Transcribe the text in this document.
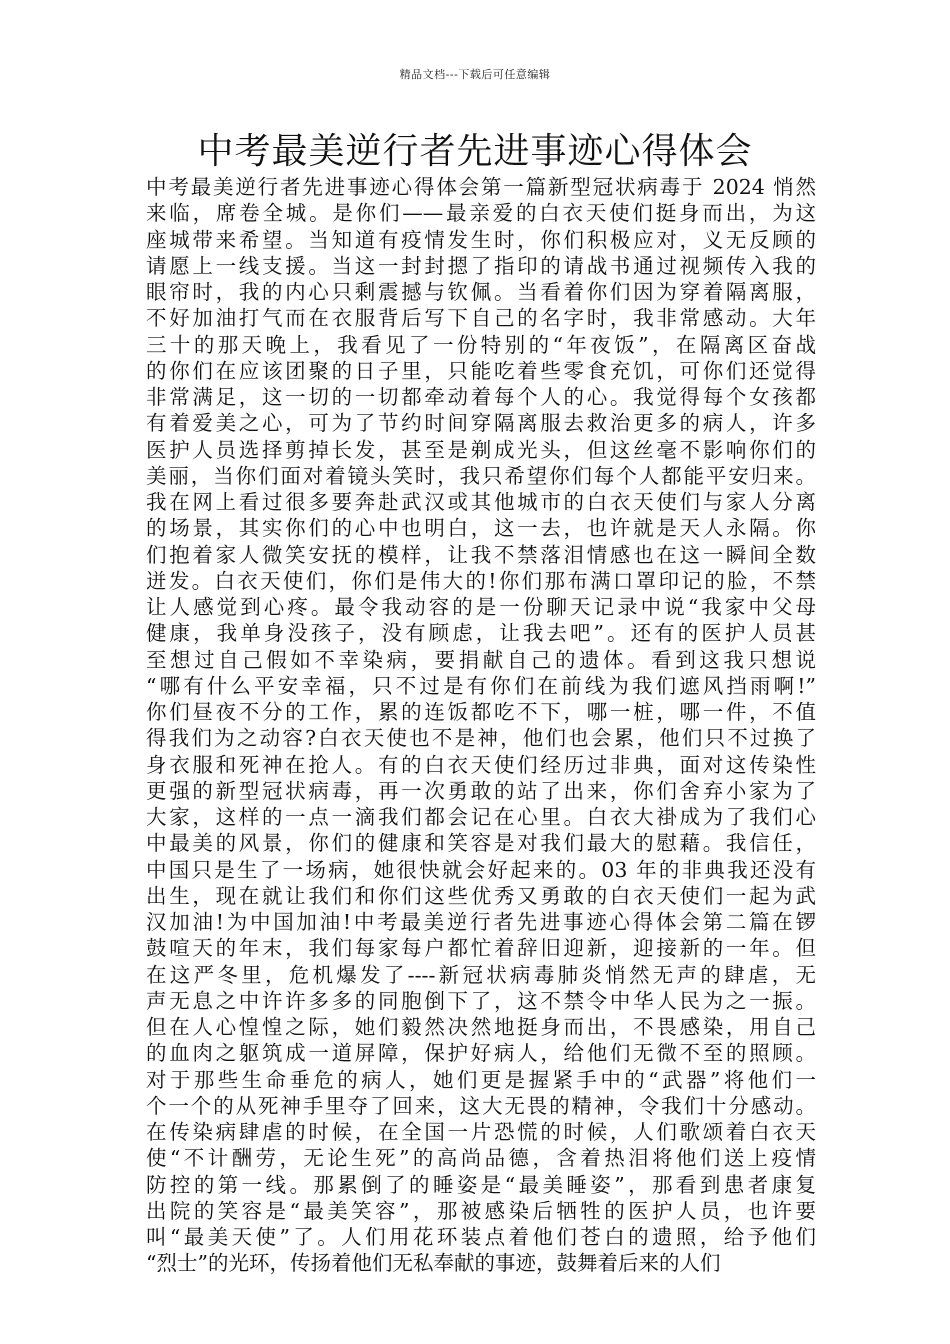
精品文档---下载后可任意编辑
中考最美逆行者先进事迹心得体会
中考最美逆行者先进事迹心得体会第一篇新型冠状病毒于 2024 悄然
来临，席卷全城。是你们——最亲爱的白衣天使们挺身而出，为这
座城带来希望。当知道有疫情发生时，你们积极应对，义无反顾的
请愿上一线支援。当这一封封摁了指印的请战书通过视频传入我的
眼帘时，我的内心只剩震撼与钦佩。当看着你们因为穿着隔离服，
不好加油打气而在衣服背后写下自己的名字时，我非常感动。大年
三十的那天晚上，我看见了一份特别的“年夜饭”，在隔离区奋战
的你们在应该团聚的日子里，只能吃着些零食充饥，可你们还觉得
非常满足，这一切的一切都牵动着每个人的心。我觉得每个女孩都
有着爱美之心，可为了节约时间穿隔离服去救治更多的病人，许多
医护人员选择剪掉长发，甚至是剃成光头，但这丝毫不影响你们的
美丽，当你们面对着镜头笑时，我只希望你们每个人都能平安归来。
我在网上看过很多要奔赴武汉或其他城市的白衣天使们与家人分离
的场景，其实你们的心中也明白，这一去，也许就是天人永隔。你
们抱着家人微笑安抚的模样，让我不禁落泪情感也在这一瞬间全数
迸发。白衣天使们，你们是伟大的!你们那布满口罩印记的脸，不禁
让人感觉到心疼。最令我动容的是一份聊天记录中说“我家中父母
健康，我单身没孩子，没有顾虑，让我去吧”。还有的医护人员甚
至想过自己假如不幸染病，要捐献自己的遗体。看到这我只想说
“哪有什么平安幸福，只不过是有你们在前线为我们遮风挡雨啊!”
你们昼夜不分的工作，累的连饭都吃不下，哪一桩，哪一件，不值
得我们为之动容?白衣天使也不是神，他们也会累，他们只不过换了
身衣服和死神在抢人。有的白衣天使们经历过非典，面对这传染性
更强的新型冠状病毒，再一次勇敢的站了出来，你们舍弃小家为了
大家，这样的一点一滴我们都会记在心里。白衣大褂成为了我们心
中最美的风景，你们的健康和笑容是对我们最大的慰藉。我信任，
中国只是生了一场病，她很快就会好起来的。03 年的非典我还没有
出生，现在就让我们和你们这些优秀又勇敢的白衣天使们一起为武
汉加油!为中国加油!中考最美逆行者先进事迹心得体会第二篇在锣
鼓喧天的年末，我们每家每户都忙着辞旧迎新，迎接新的一年。但
在这严冬里，危机爆发了----新冠状病毒肺炎悄然无声的肆虐，无
声无息之中许许多多的同胞倒下了，这不禁令中华人民为之一振。
但在人心惶惶之际，她们毅然决然地挺身而出，不畏感染，用自己
的血肉之躯筑成一道屏障，保护好病人，给他们无微不至的照顾。
对于那些生命垂危的病人，她们更是握紧手中的“武器”将他们一
个一个的从死神手里夺了回来，这大无畏的精神，令我们十分感动。
在传染病肆虐的时候，在全国一片恐慌的时候，人们歌颂着白衣天
使“不计酬劳，无论生死”的高尚品德，含着热泪将他们送上疫情
防控的第一线。那累倒了的睡姿是“最美睡姿”，那看到患者康复
出院的笑容是“最美笑容”，那被感染后牺牲的医护人员，也许要
叫“最美天使”了。人们用花环装点着他们苍白的遗照，给予他们
“烈士”的光环，传扬着他们无私奉献的事迹，鼓舞着后来的人们
